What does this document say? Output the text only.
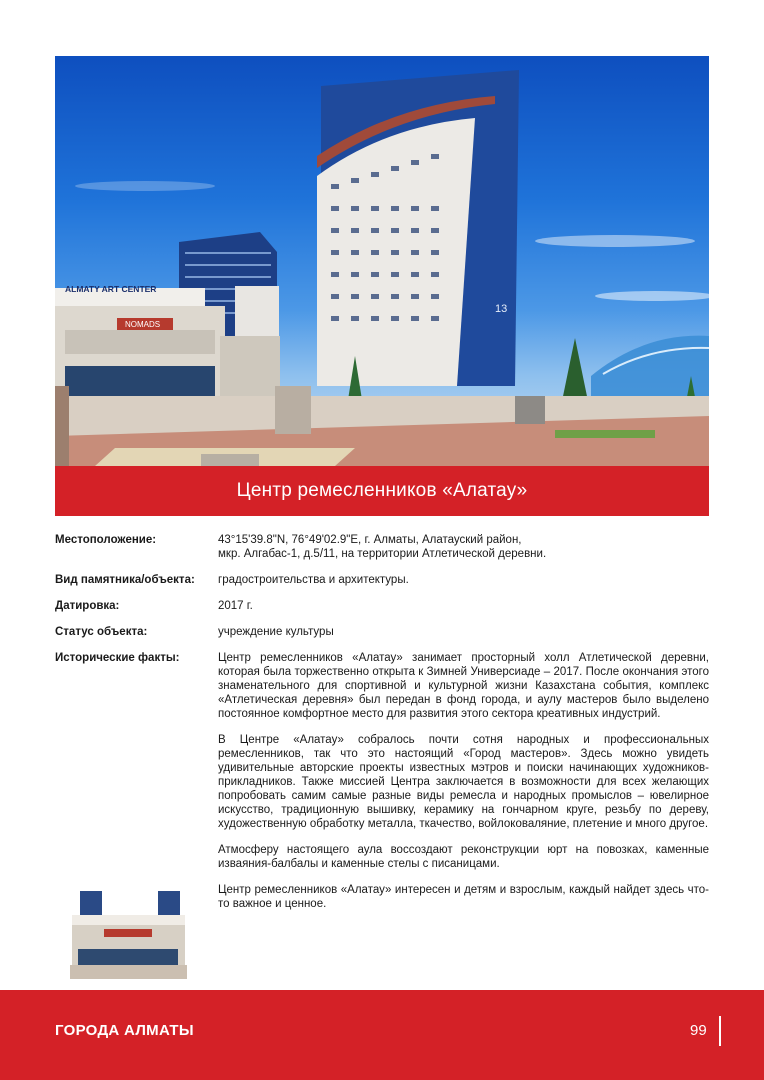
13
ALMATY ART CENTER
NOMADS
Центр ремесленников «Алатау»
Местоположение:	43°15'39.8"N, 76°49'02.9"E, г. Алматы, Алатауский район,
мкр. Алгабас-1, д.5/11, на территории Атлетической деревни.
Вид памятника/объекта:	градостроительства и архитектуры.
Датировка:	2017 г.
Статус объекта:	учреждение культуры
Исторические факты:	Центр ремесленников «Алатау» занимает просторный холл Атлетической деревни, которая была торжественно открыта к Зимней Универсиаде – 2017. После окончания этого знаменательного для спортивной и культурной жизни Казахстана события, комплекс «Атлетическая деревня» был передан в фонд города, и аулу мастеров было выделено постоянное комфортное место для развития этого сектора креативных индустрий.

В Центре «Алатау» собралось почти сотня народных и профессиональных ремесленников, так что это настоящий «Город мастеров». Здесь можно увидеть удивительные авторские проекты известных мэтров и поиски начинающих художников-прикладников. Также миссией Центра заключается в возможности для всех желающих попробовать самим самые разные виды ремесла и народных промыслов – ювелирное искусство, традиционную вышивку, керамику на гончарном круге, резьбу по дереву, художественную обработку металла, ткачество, войлоковаляние, плетение и много другое.

Атмосферу настоящего аула воссоздают реконструкции юрт на повозках, каменные изваяния-балбалы и каменные стелы с писаницами.

Центр ремесленников «Алатау» интересен и детям и взрослым, каждый найдет здесь что-то важное и ценное.

ГОРОДА АЛМАТЫ	99
